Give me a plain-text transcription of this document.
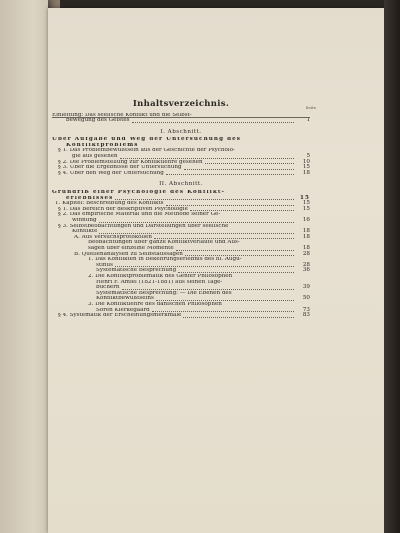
Inhaltsverzeichnis.	Seite
Einleitung: Das seelische Konflikt und die Selbst-
bewegung des Geistes	1
I. Abschnitt.
Über Aufgabe und Weg der Untersuchung des
Konfliktproblems
§ 1. Das Problembewußtsein aus der Geschichte der Psycholo-
gie aus gesehen	5
§ 2. Die Problemstellung zur Konfliktlehre gesehen	10
§ 3. Über die Ergebnisse der Untersuchung	15
§ 4. Über den Weg der Untersuchung	18
II. Abschnitt.
Grundriß einer Psychologie des Konflikt-
erlebnisses	15
1. Kapitel: Beschreibung des Konflikts	15
§ 1. Das Bereich der deskriptiven Psychologie	15
§ 2. Das empirische Material und die Methode seiner Ge-
winnung	16
§ 3. Selbstbeobachtungen und Darstellungen über seelische
Konflikte	18
A. Aus Versuchsprotokollen	18
Beobachtungen über ganze Konfliktverläufe und Aus-
sagen über einzelne Momente	18
B. Quellenanalysen zu Selbstaussagen	28
1. Das Konflikten in Bekehrungserlebnis des hl. Augu-
stinus	28
Systematische Besprechung	36
2. Die Konfliktproblematik des Genfer Philosophen
Henri F. Amiel (1821-1881) aus seinen Tage-
büchern	39
Systematische Besprechung: — Die Ebenen des
Konfliktbewußtseins	50
3. Die Konfliktlehre des dänischen Philosophen
Sören Kierkegaard	73
§ 4. Systematik der Erscheinungsmerkmale	83
